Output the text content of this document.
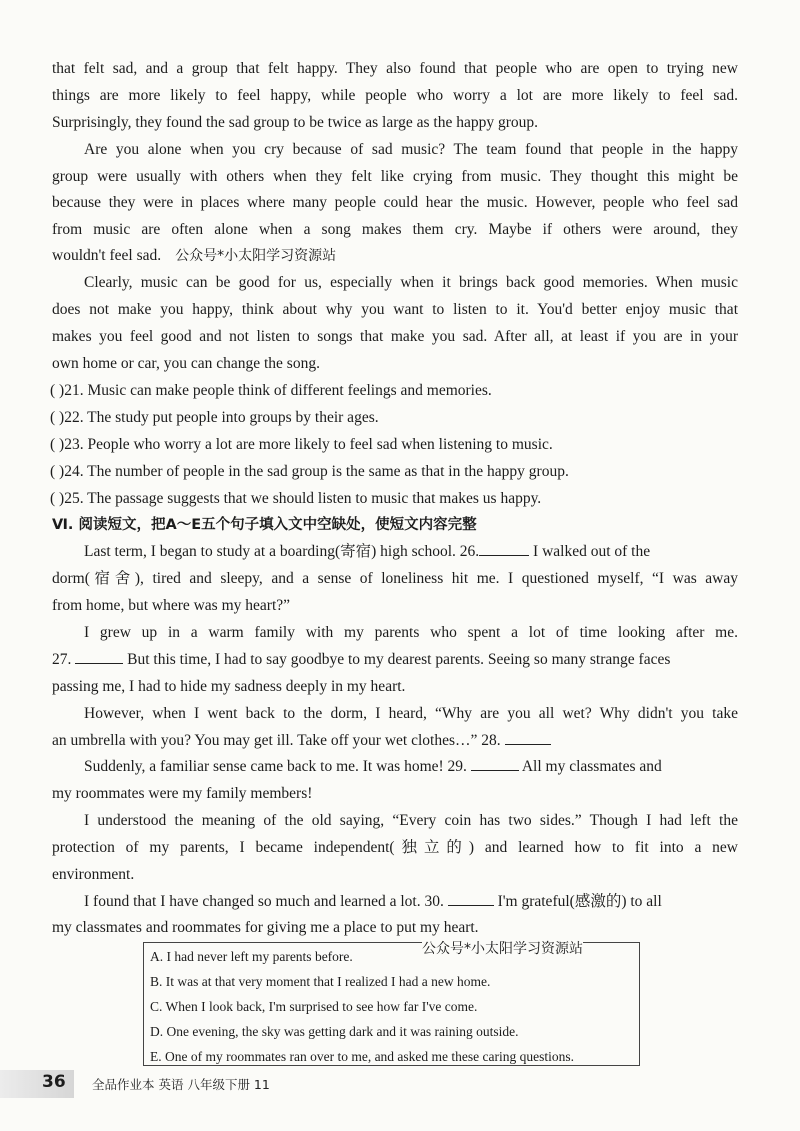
that felt sad, and a group that felt happy. They also found that people who are open to trying new
things are more likely to feel happy, while people who worry a lot are more likely to feel sad.
Surprisingly, they found the sad group to be twice as large as the happy group.
Are you alone when you cry because of sad music? The team found that people in the happy
group were usually with others when they felt like crying from music. They thought this might be
because they were in places where many people could hear the music. However, people who feel sad
from music are often alone when a song makes them cry. Maybe if others were around, they
wouldn't feel sad. 公众号*小太阳学习资源站
Clearly, music can be good for us, especially when it brings back good memories. When music
does not make you happy, think about why you want to listen to it. You'd better enjoy music that
makes you feel good and not listen to songs that make you sad. After all, at least if you are in your
own home or car, you can change the song.
( )21. Music can make people think of different feelings and memories.
( )22. The study put people into groups by their ages.
( )23. People who worry a lot are more likely to feel sad when listening to music.
( )24. The number of people in the sad group is the same as that in the happy group.
( )25. The passage suggests that we should listen to music that makes us happy.
Ⅵ. 阅读短文，把A～E五个句子填入文中空缺处，使短文内容完整
Last term, I began to study at a boarding(寄宿) high school. 26.	I walked out of the
dorm(宿舍), tired and sleepy, and a sense of loneliness hit me. I questioned myself, “I was away
from home, but where was my heart?”
I grew up in a warm family with my parents who spent a lot of time looking after me.
27.	But this time, I had to say goodbye to my dearest parents. Seeing so many strange faces
passing me, I had to hide my sadness deeply in my heart.
However, when I went back to the dorm, I heard, “Why are you all wet? Why didn't you take
an umbrella with you? You may get ill. Take off your wet clothes…” 28.
Suddenly, a familiar sense came back to me. It was home! 29.	All my classmates and
my roommates were my family members!
I understood the meaning of the old saying, “Every coin has two sides.” Though I had left the
protection of my parents, I became independent(独立的) and learned how to fit into a new
environment.
I found that I have changed so much and learned a lot. 30.	I'm grateful(感激的) to all
my classmates and roommates for giving me a place to put my heart.
A. I had never left my parents before.
B. It was at that very moment that I realized I had a new home.
C. When I look back, I'm surprised to see how far I've come.
D. One evening, the sky was getting dark and it was raining outside.
E. One of my roommates ran over to me, and asked me these caring questions.
公众号*小太阳学习资源站
36 全品作业本 英语 八年级下册 11
